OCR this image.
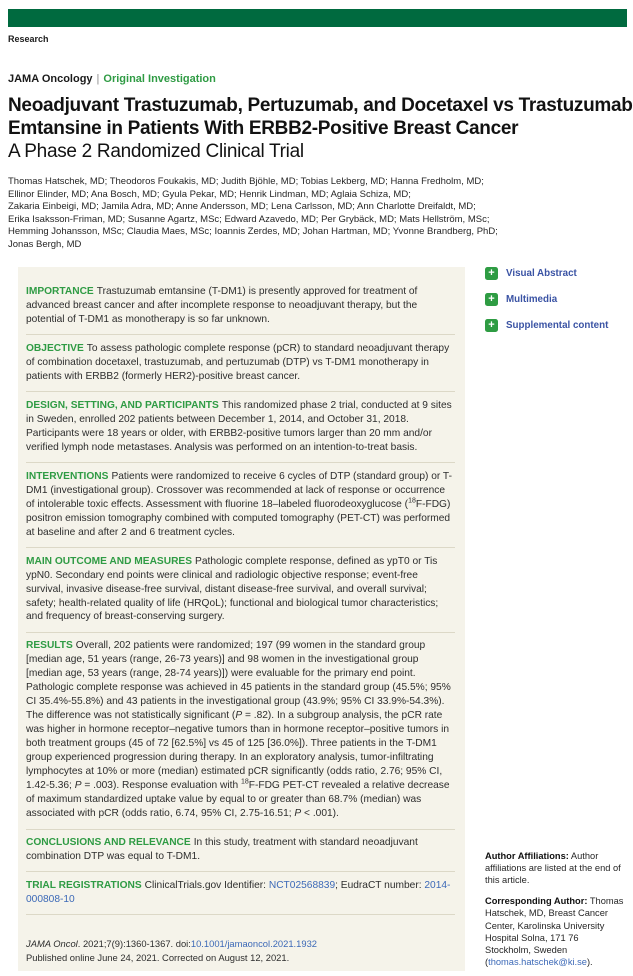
Research
JAMA Oncology | Original Investigation
Neoadjuvant Trastuzumab, Pertuzumab, and Docetaxel vs Trastuzumab
Emtansine in Patients With ERBB2-Positive Breast Cancer
A Phase 2 Randomized Clinical Trial
Thomas Hatschek, MD; Theodoros Foukakis, MD; Judith Bjöhle, MD; Tobias Lekberg, MD; Hanna Fredholm, MD;
Ellinor Elinder, MD; Ana Bosch, MD; Gyula Pekar, MD; Henrik Lindman, MD; Aglaia Schiza, MD;
Zakaria Einbeigi, MD; Jamila Adra, MD; Anne Andersson, MD; Lena Carlsson, MD; Ann Charlotte Dreifaldt, MD;
Erika Isaksson-Friman, MD; Susanne Agartz, MSc; Edward Azavedo, MD; Per Grybäck, MD; Mats Hellström, MSc;
Hemming Johansson, MSc; Claudia Maes, MSc; Ioannis Zerdes, MD; Johan Hartman, MD; Yvonne Brandberg, PhD;
Jonas Bergh, MD
IMPORTANCE Trastuzumab emtansine (T-DM1) is presently approved for treatment of advanced breast cancer and after incomplete response to neoadjuvant therapy, but the potential of T-DM1 as monotherapy is so far unknown.
OBJECTIVE To assess pathologic complete response (pCR) to standard neoadjuvant therapy of combination docetaxel, trastuzumab, and pertuzumab (DTP) vs T-DM1 monotherapy in patients with ERBB2 (formerly HER2)-positive breast cancer.
DESIGN, SETTING, AND PARTICIPANTS This randomized phase 2 trial, conducted at 9 sites in Sweden, enrolled 202 patients between December 1, 2014, and October 31, 2018. Participants were 18 years or older, with ERBB2-positive tumors larger than 20 mm and/or verified lymph node metastases. Analysis was performed on an intention-to-treat basis.
INTERVENTIONS Patients were randomized to receive 6 cycles of DTP (standard group) or T-DM1 (investigational group). Crossover was recommended at lack of response or occurrence of intolerable toxic effects. Assessment with fluorine 18–labeled fluorodeoxyglucose ($^{18}$F-FDG) positron emission tomography combined with computed tomography (PET-CT) was performed at baseline and after 2 and 6 treatment cycles.
MAIN OUTCOME AND MEASURES Pathologic complete response, defined as ypT0 or Tis ypN0. Secondary end points were clinical and radiologic objective response; event-free survival, invasive disease-free survival, distant disease-free survival, and overall survival; safety; health-related quality of life (HRQoL); functional and biological tumor characteristics; and frequency of breast-conserving surgery.
RESULTS Overall, 202 patients were randomized; 197 (99 women in the standard group [median age, 51 years (range, 26-73 years)] and 98 women in the investigational group [median age, 53 years (range, 28-74 years)]) were evaluable for the primary end point. Pathologic complete response was achieved in 45 patients in the standard group (45.5%; 95% CI 35.4%-55.8%) and 43 patients in the investigational group (43.9%; 95% CI 33.9%-54.3%). The difference was not statistically significant (P = .82). In a subgroup analysis, the pCR rate was higher in hormone receptor–negative tumors than in hormone receptor–positive tumors in both treatment groups (45 of 72 [62.5%] vs 45 of 125 [36.0%]). Three patients in the T-DM1 group experienced progression during therapy. In an exploratory analysis, tumor-infiltrating lymphocytes at 10% or more (median) estimated pCR significantly (odds ratio, 2.76; 95% CI, 1.42-5.36; P = .003). Response evaluation with $^{18}$F-FDG PET-CT revealed a relative decrease of maximum standardized uptake value by equal to or greater than 68.7% (median) was associated with pCR (odds ratio, 6.74, 95% CI, 2.75-16.51; P < .001).
CONCLUSIONS AND RELEVANCE In this study, treatment with standard neoadjuvant combination DTP was equal to T-DM1.
TRIAL REGISTRATIONS ClinicalTrials.gov Identifier: NCT02568839; EudraCT number: 2014-000808-10
JAMA Oncol. 2021;7(9):1360-1367. doi:10.1001/jamaoncol.2021.1932
Published online June 24, 2021. Corrected on August 12, 2021.
+	Visual Abstract
+	Multimedia
+	Supplemental content

Author Affiliations: Author affiliations are listed at the end of this article.

Corresponding Author: Thomas Hatschek, MD, Breast Cancer Center, Karolinska University Hospital Solna, 171 76 Stockholm, Sweden (thomas.hatschek@ki.se).
